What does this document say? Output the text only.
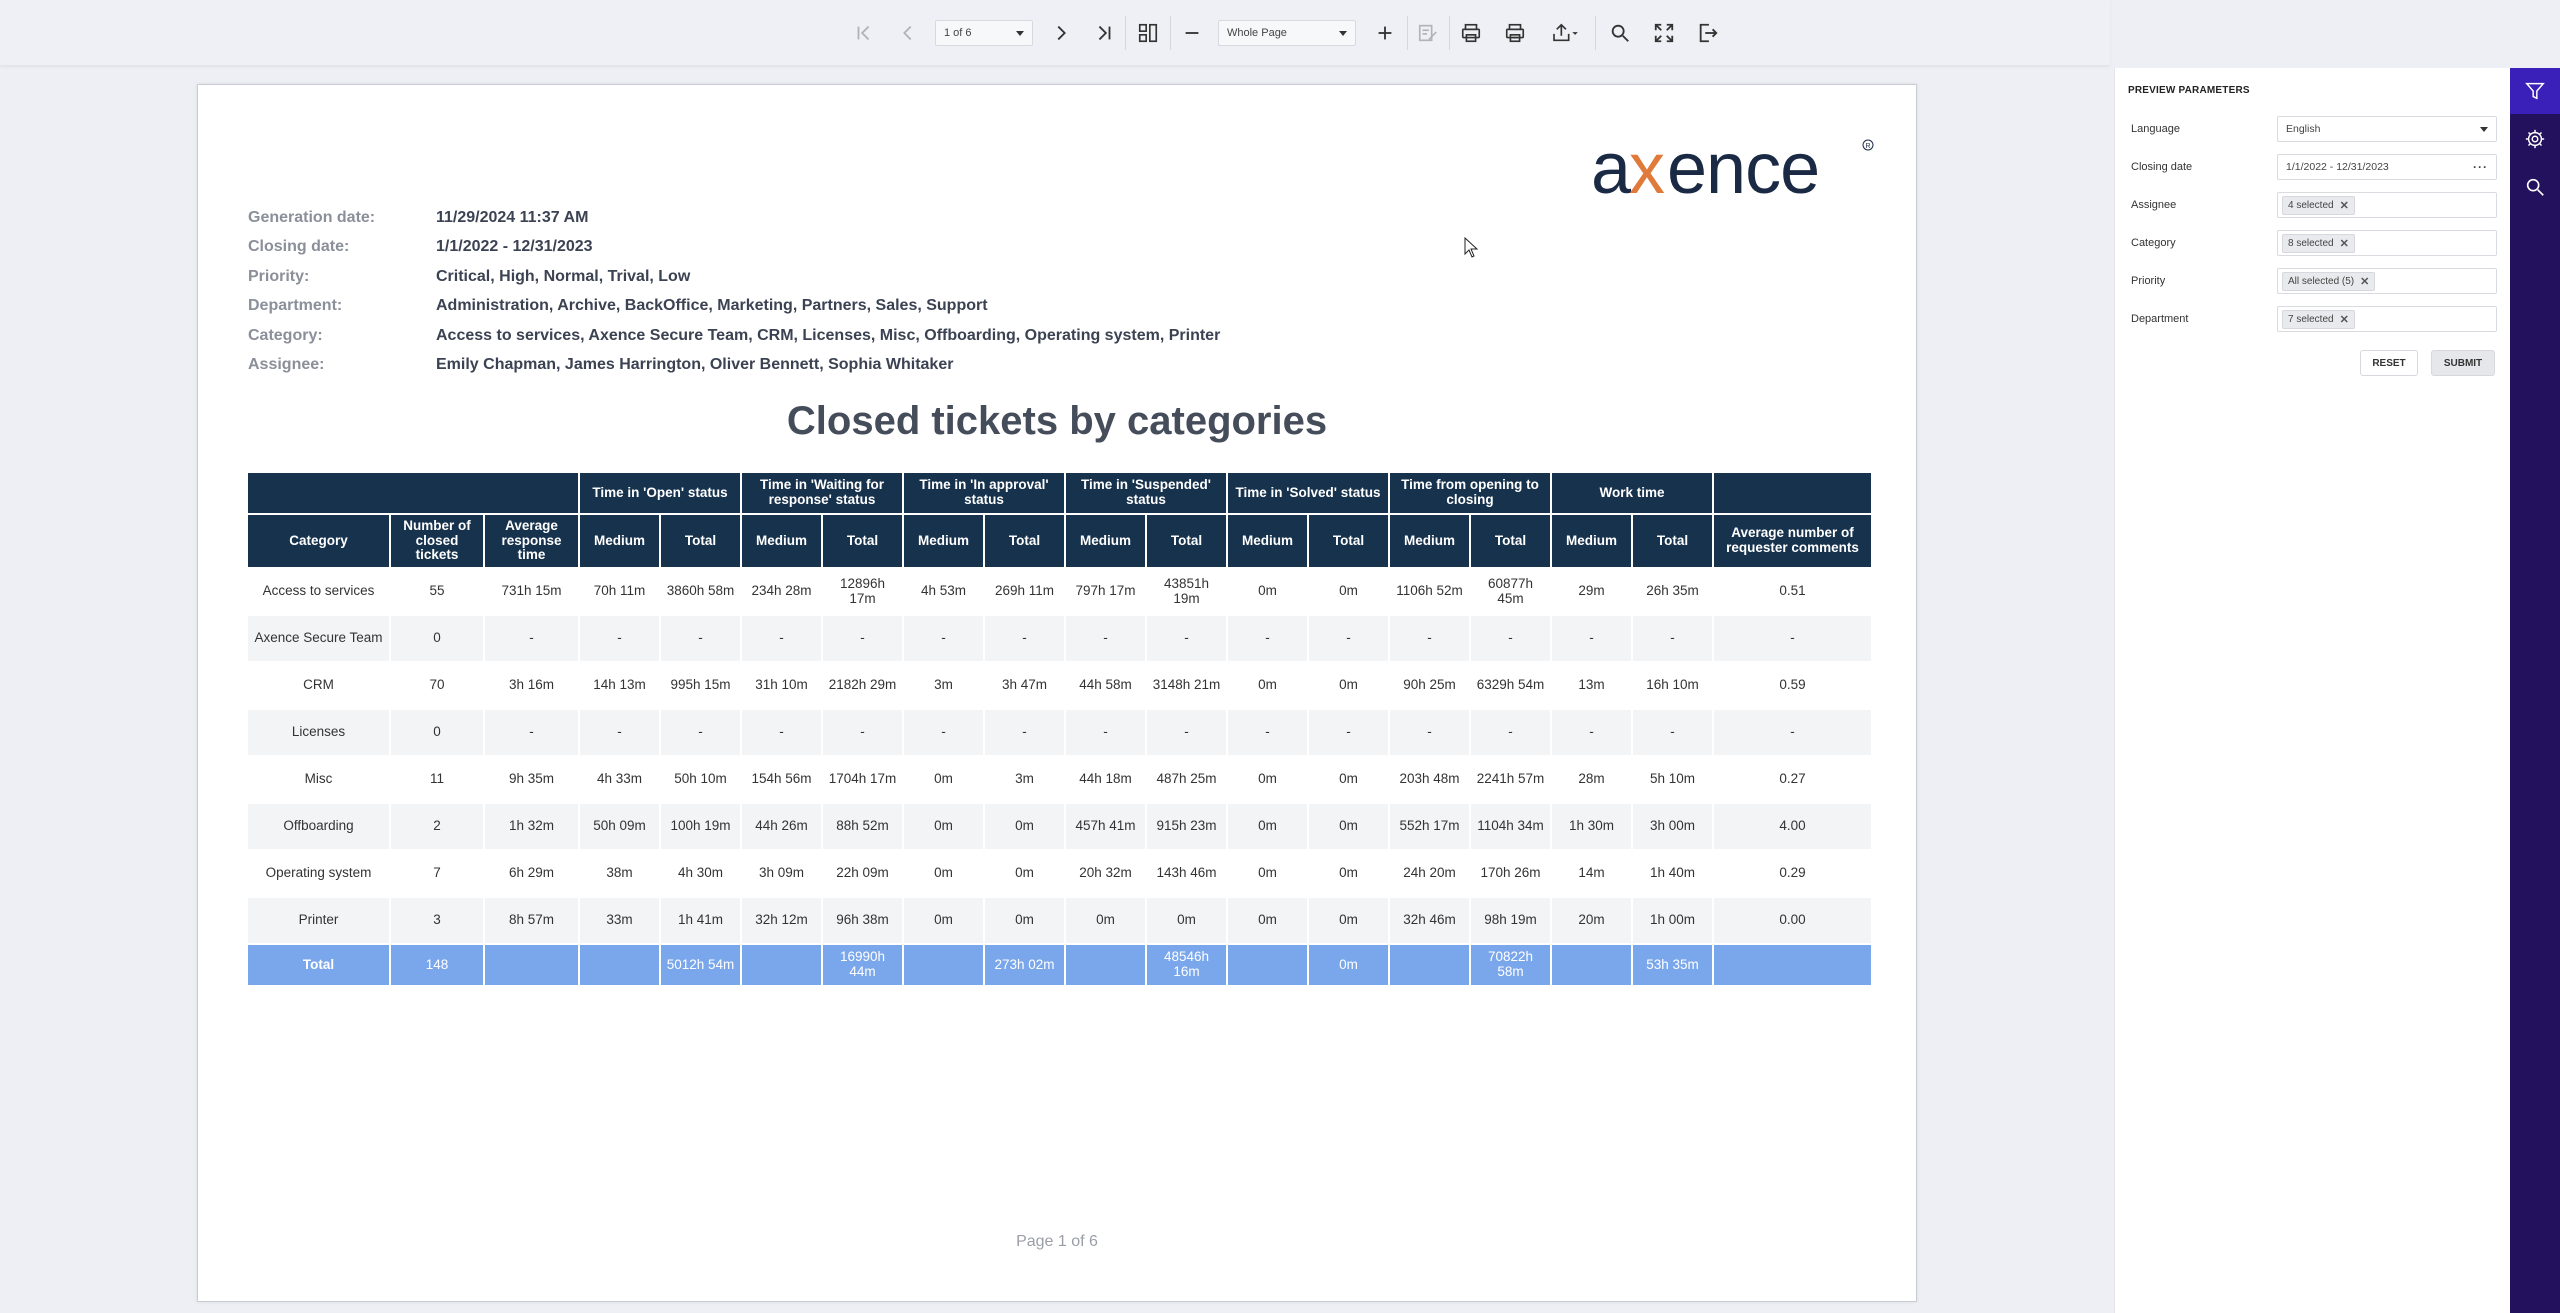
1 of 6	Whole Page
a
x ence	R
Generation date:	11/29/2024 11:37 AM
Closing date:	1/1/2022 - 12/31/2023
Priority:	Critical, High, Normal, Trival, Low
Department:	Administration, Archive, BackOffice, Marketing, Partners, Sales, Support
Category:	Access to services, Axence Secure Team, CRM, Licenses, Misc, Offboarding, Operating system, Printer
Assignee:	Emily Chapman, James Harrington, Oliver Bennett, Sophia Whitaker
Closed tickets by categories
			Time in 'Open' status		Time in 'Waiting for response' status		Time in 'In approval' status		Time in 'Suspended' status		Time in 'Solved' status		Time from opening to closing		Work time		
Category	Number of closed tickets	Average response time	Medium	Total	Medium	Total	Medium	Total	Medium	Total	Medium	Total	Medium	Total	Medium	Total	Average number of requester comments
Access to services	55	731h 15m	70h 11m	3860h 58m	234h 28m	12896h 17m	4h 53m	269h 11m	797h 17m	43851h 19m	0m	0m	1106h 52m	60877h 45m	29m	26h 35m	0.51
Axence Secure Team	0	-	-	-	-	-	-	-	-	-	-	-	-	-	-	-	-
CRM	70	3h 16m	14h 13m	995h 15m	31h 10m	2182h 29m	3m	3h 47m	44h 58m	3148h 21m	0m	0m	90h 25m	6329h 54m	13m	16h 10m	0.59
Licenses	0	-	-	-	-	-	-	-	-	-	-	-	-	-	-	-	-
Misc	11	9h 35m	4h 33m	50h 10m	154h 56m	1704h 17m	0m	3m	44h 18m	487h 25m	0m	0m	203h 48m	2241h 57m	28m	5h 10m	0.27
Offboarding	2	1h 32m	50h 09m	100h 19m	44h 26m	88h 52m	0m	0m	457h 41m	915h 23m	0m	0m	552h 17m	1104h 34m	1h 30m	3h 00m	4.00
Operating system	7	6h 29m	38m	4h 30m	3h 09m	22h 09m	0m	0m	20h 32m	143h 46m	0m	0m	24h 20m	170h 26m	14m	1h 40m	0.29
Printer	3	8h 57m	33m	1h 41m	32h 12m	96h 38m	0m	0m	0m	0m	0m	0m	32h 46m	98h 19m	20m	1h 00m	0.00
Total	148			5012h 54m		16990h 44m		273h 02m		48546h 16m		0m		70822h 58m		53h 35m	
Page 1 of 6
PREVIEW PARAMETERS
Language	English
Closing date	1/1/2022 - 12/31/2023	···
Assignee	4 selected ✕
Category	8 selected ✕
Priority	All selected (5) ✕
Department	7 selected ✕
RESET	SUBMIT
